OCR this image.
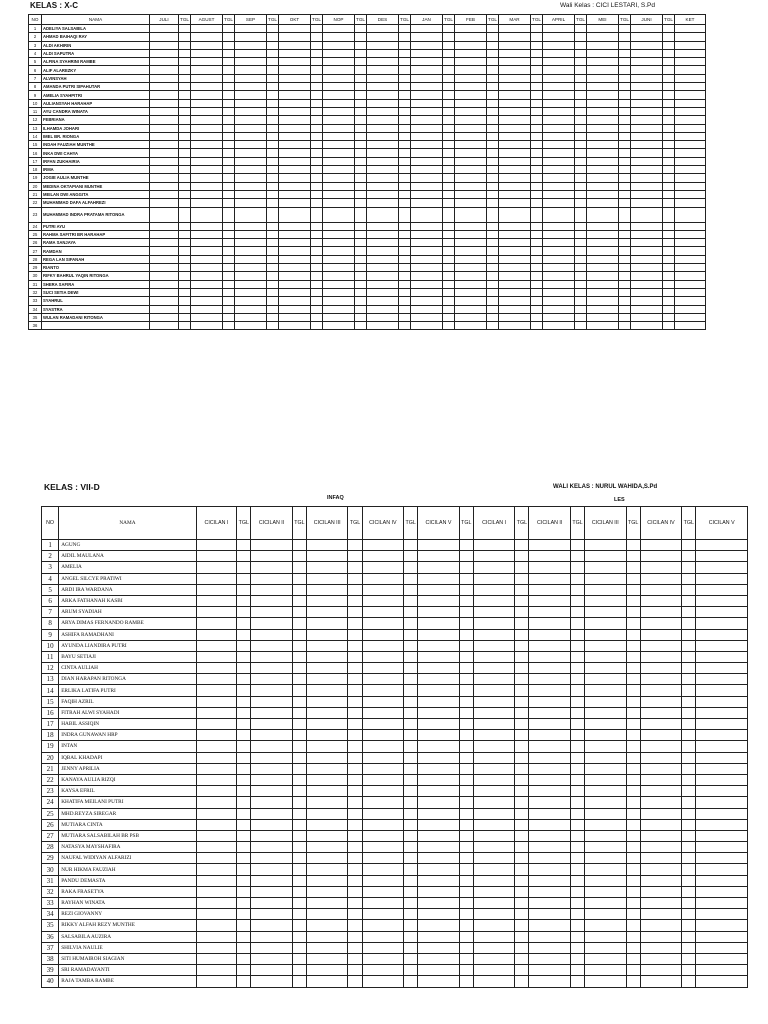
KELAS : X-C	Wali Kelas : CICI LESTARI, S.Pd
NO	NAMA	JULI	TGL	AGUST	TGL	SEP	TGL	OKT	TGL	NOP	TGL	DES	TGL	JAN	TGL	FEB	TGL	MAR	TGL	APRIL	TGL	MEI	TGL	JUNI	TGL	KET
1	ADELIYA SALSABILA																									
2	AHMAD BAIHAQI RAY																									
3	ALDI AKHIRIN																									
4	ALDI SAPUTRA																									
5	ALFINA SYAHRINI RAMBE																									
6	ALIF ALAREZKY																									
7	ALVINSYAH																									
8	AMANDA PUTRI SIPAHUTAR																									
9	AMELIA SYAHPITRI																									
10	AULIANSYAH HARAHAP																									
11	AYU CANDRA WINATA																									
12	FEBRIANA																									
13	ILHAMDA JOHARI																									
14	IMEL BR. RIONGA																									
15	INDAH FAUZIAH MUNTHE																									
16	INKA DWI CAHYA																									
17	IRFAN ZUKHAIRIA																									
18	IRMA																									
19	JOGIE AULIA MUNTHE																									
20	MEDINA OKTAPIANI MUNTHE																									
21	MEILAN DWI ANGGITA																									
22	MUHAMMAD DAFA ALFAHREZI																									
23	MUHAMMAD INDRA PRATAMA RITONGA																									
24	PUTRI AYU																									
25	RAHMA SAFITRI BR HARAHAP																									
26	RAMA SANJAYA																									
27	RAMDAN																									
28	REGA LAN SIFANAH																									
29	RIANTO																									
30	RIFKY BAHRUL YAQIN RITONGA																									
31	SHERA SAFIRA																									
32	SUCI SETIA DEWI																									
33	SYAHRUL																									
34	SYASTRA																									
35	WULAN RAMADANI RITONGA																									
36																										
KELAS : VII-D	WALI KELAS : NURUL WAHIDA,S.Pd
INFAQ	LES
NO	NAMA	CICILAN I	TGL	CICILAN II	TGL	CICILAN III	TGL	CICILAN IV	TGL	CICILAN V	TGL	CICILAN I	TGL	CICILAN II	TGL	CICILAN III	TGL	CICILAN IV	TGL	CICILAN V
1	AGUNG																			
2	AIDIL MAULANA																			
3	AMELIA																			
4	ANGEL SILCYE PRATIWI																			
5	ARDI IRA WARDANA																			
6	ARKA FATHANAH KASBI																			
7	ARUM SYADIAH																			
8	ARYA DIMAS FERNANDO RAMBE																			
9	ASHIFA RAMADHANI																			
10	AYUNDA LIANDIRA PUTRI																			
11	BAYU SETIAJI																			
12	CINTA AULIAH																			
13	DIAN HARAPAN RITONGA																			
14	ERLIKA LATIFA PUTRI																			
15	FAQIH AZRIL																			
16	FITRAH ALWI SYAHADI																			
17	HABIL ASSIQIN																			
18	INDRA GUNAWAN HRP																			
19	INTAN																			
20	IQBAL KHADAPI																			
21	JENNY APRILIA																			
22	KANAYA AULIA RIZQI																			
23	KAYSA EFRIL																			
24	KHATIFA MEILANI PUTRI																			
25	MHD.REYZA SIREGAR																			
26	MUTIARA CINTA																			
27	MUTIARA SALSABILAH BR PSB																			
28	NATASYA MAYSHAFIRA																			
29	NAUFAL WIDIYAN ALFARIZI																			
30	NUR HIKMA FAUZIAH																			
31	PANDU DEMASTA																			
32	RAKA FRASETYA																			
33	RAYHAN WINATA																			
34	REZI GIOVANNY																			
35	RIKKY ALFAH REZY MUNTHE																			
36	SALSABILA AUZIRA																			
37	SHILVIA NAULIE																			
38	SITI HUMAIROH SIAGIAN																			
39	SRI RAMADAYANTI																			
40	RAJA TAMBA RAMBE																			
